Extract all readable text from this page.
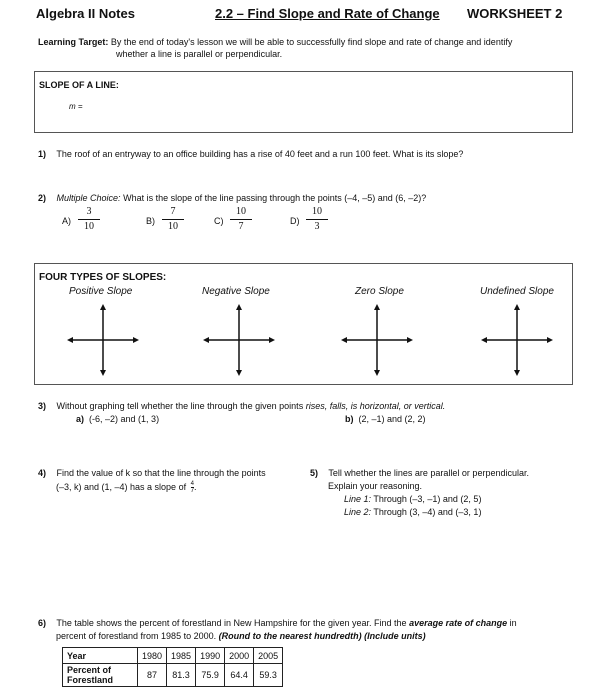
Algebra II Notes	2.2 – Find Slope and Rate of Change WORKSHEET 2
Learning Target: By the end of today's lesson we will be able to successfully find slope and rate of change and identify
whether a line is parallel or perpendicular.
SLOPE OF A LINE:
m =
1) The roof of an entryway to an office building has a rise of 40 feet and a run 100 feet. What is its slope?
2) Multiple Choice: What is the slope of the line passing through the points (–4, –5) and (6, –2)?
A)
3
10	B)
7
10	C)
10
7	D)
10
3
FOUR TYPES OF SLOPES:
Positive Slope	Negative Slope	Zero Slope	Undefined Slope
3) Without graphing tell whether the line through the given points rises, falls, is horizontal, or vertical.
a) (-6, –2) and (1, 3)	b) (2, –1) and (2, 2)
4) Find the value of k so that the line through the points
(–3, k) and (1, –4) has a slope of $\frac{4}{7}$ .
5) Tell whether the lines are parallel or perpendicular.
Explain your reasoning.
Line 1: Through (–3, –1) and (2, 5)
Line 2: Through (3, –4) and (–3, 1)
6) The table shows the percent of forestland in New Hampshire for the given year. Find the average rate of change in
percent of forestland from 1985 to 2000. (Round to the nearest hundredth) (Include units)
Year	1980	1985	1990	2000	2005
Percent of Forestland	87	81.3	75.9	64.4	59.3
